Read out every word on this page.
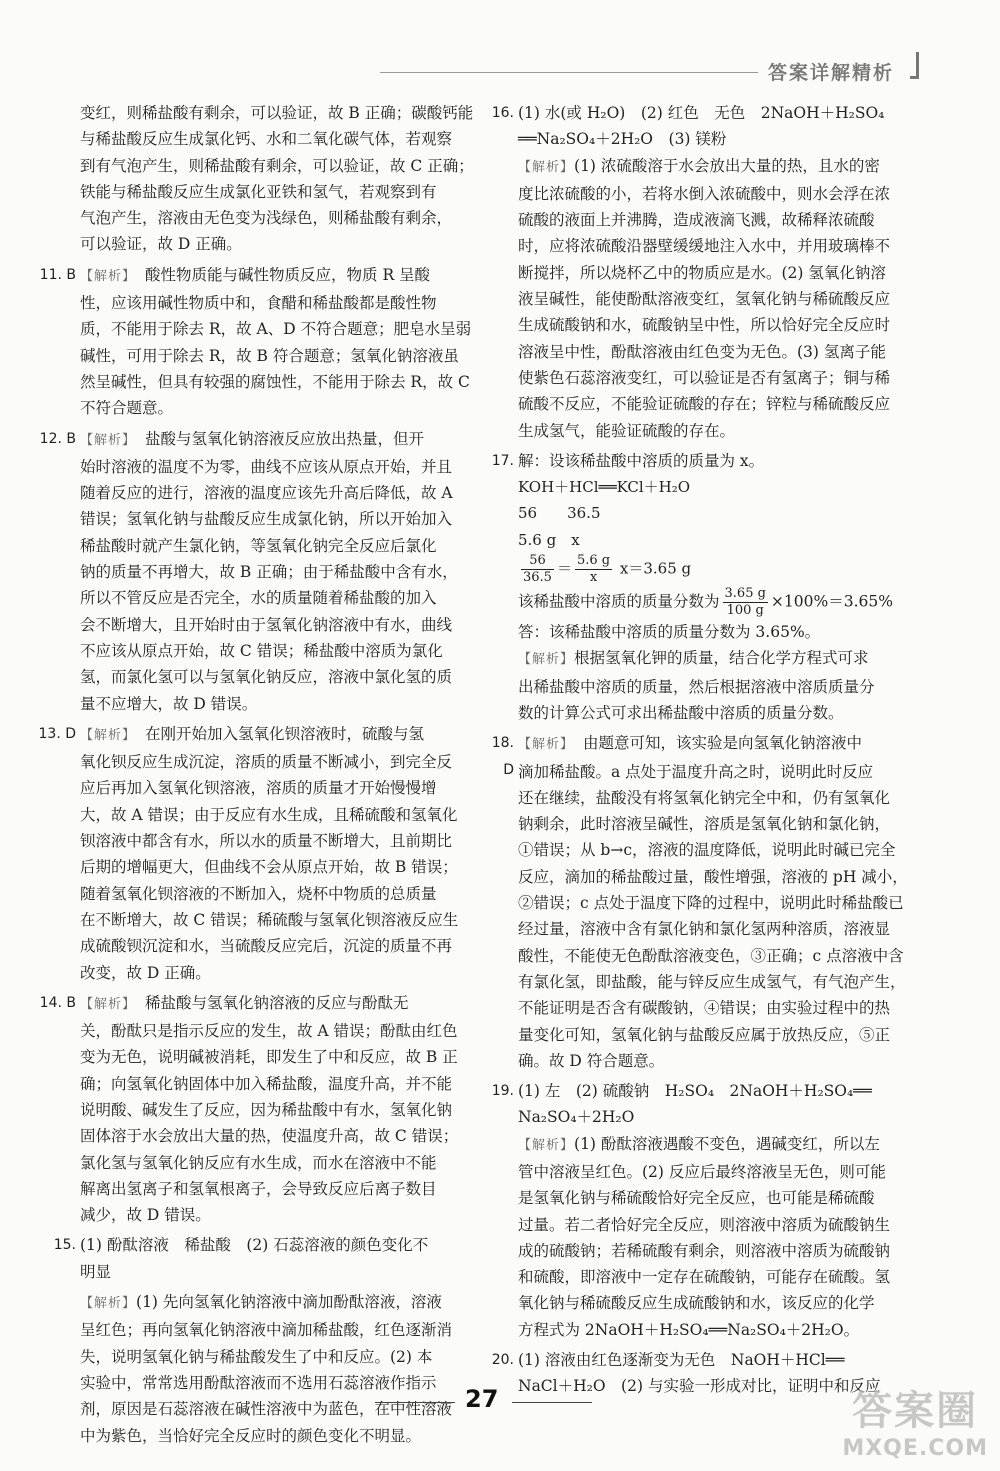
答案详解精析
变红，则稀盐酸有剩余，可以验证，故 B 正确；碳酸钙能
与稀盐酸反应生成氯化钙、水和二氧化碳气体，若观察
到有气泡产生，则稀盐酸有剩余，可以验证，故 C 正确；
铁能与稀盐酸反应生成氯化亚铁和氢气，若观察到有
气泡产生，溶液由无色变为浅绿色，则稀盐酸有剩余，
可以验证，故 D 正确。
11. B 【解析】　酸性物质能与碱性物质反应，物质 R 呈酸
性，应该用碱性物质中和，食醋和稀盐酸都是酸性物
质，不能用于除去 R，故 A、D 不符合题意；肥皂水呈弱
碱性，可用于除去 R，故 B 符合题意；氢氧化钠溶液虽
然呈碱性，但具有较强的腐蚀性，不能用于除去 R，故 C
不符合题意。
12. B 【解析】　盐酸与氢氧化钠溶液反应放出热量，但开
始时溶液的温度不为零，曲线不应该从原点开始，并且
随着反应的进行，溶液的温度应该先升高后降低，故 A
错误；氢氧化钠与盐酸反应生成氯化钠，所以开始加入
稀盐酸时就产生氯化钠，等氢氧化钠完全反应后氯化
钠的质量不再增大，故 B 正确；由于稀盐酸中含有水，
所以不管反应是否完全，水的质量随着稀盐酸的加入
会不断增大，且开始时由于氢氧化钠溶液中有水，曲线
不应该从原点开始，故 C 错误；稀盐酸中溶质为氯化
氢，而氯化氢可以与氢氧化钠反应，溶液中氯化氢的质
量不应增大，故 D 错误。
13. D 【解析】　在刚开始加入氢氧化钡溶液时，硫酸与氢
氧化钡反应生成沉淀，溶质的质量不断减小，到完全反
应后再加入氢氧化钡溶液，溶质的质量才开始慢慢增
大，故 A 错误；由于反应有水生成，且稀硫酸和氢氧化
钡溶液中都含有水，所以水的质量不断增大，且前期比
后期的增幅更大，但曲线不会从原点开始，故 B 错误；
随着氢氧化钡溶液的不断加入，烧杯中物质的总质量
在不断增大，故 C 错误；稀硫酸与氢氧化钡溶液反应生
成硫酸钡沉淀和水，当硫酸反应完后，沉淀的质量不再
改变，故 D 正确。
14. B 【解析】　稀盐酸与氢氧化钠溶液的反应与酚酞无
关，酚酞只是指示反应的发生，故 A 错误；酚酞由红色
变为无色，说明碱被消耗，即发生了中和反应，故 B 正
确；向氢氧化钠固体中加入稀盐酸，温度升高，并不能
说明酸、碱发生了反应，因为稀盐酸中有水，氢氧化钠
固体溶于水会放出大量的热，使温度升高，故 C 错误；
氯化氢与氢氧化钠反应有水生成，而水在溶液中不能
解离出氢离子和氢氧根离子，会导致反应后离子数目
减少，故 D 错误。
15. (1) 酚酞溶液　稀盐酸　(2) 石蕊溶液的颜色变化不
明显
【解析】(1) 先向氢氧化钠溶液中滴加酚酞溶液，溶液
呈红色；再向氢氧化钠溶液中滴加稀盐酸，红色逐渐消
失，说明氢氧化钠与稀盐酸发生了中和反应。(2) 本
实验中，常常选用酚酞溶液而不选用石蕊溶液作指示
剂，原因是石蕊溶液在碱性溶液中为蓝色，在中性溶液
中为紫色，当恰好完全反应时的颜色变化不明显。
16. (1) 水(或 H₂O)　(2) 红色　无色　2NaOH＋H₂SO₄
══Na₂SO₄＋2H₂O　(3) 镁粉
【解析】(1) 浓硫酸溶于水会放出大量的热，且水的密
度比浓硫酸的小，若将水倒入浓硫酸中，则水会浮在浓
硫酸的液面上并沸腾，造成液滴飞溅，故稀释浓硫酸
时，应将浓硫酸沿器壁缓缓地注入水中，并用玻璃棒不
断搅拌，所以烧杯乙中的物质应是水。(2) 氢氧化钠溶
液呈碱性，能使酚酞溶液变红，氢氧化钠与稀硫酸反应
生成硫酸钠和水，硫酸钠呈中性，所以恰好完全反应时
溶液呈中性，酚酞溶液由红色变为无色。(3) 氢离子能
使紫色石蕊溶液变红，可以验证是否有氢离子；铜与稀
硫酸不反应，不能验证硫酸的存在；锌粒与稀硫酸反应
生成氢气，能验证硫酸的存在。
17. 解：设该稀盐酸中溶质的质量为 x。
KOH＋HCl══KCl＋H₂O
56　　36.5
5.6 g　x
$\frac{56}{36.5} = \frac{5.6 g}{x} x=3.65$ g
该稀盐酸中溶质的质量分数为 $\frac{3.65 g}{100 g} \times 100\%=3.65\%$
答：该稀盐酸中溶质的质量分数为 3.65%。
【解析】根据氢氧化钾的质量，结合化学方程式可求
出稀盐酸中溶质的质量，然后根据溶液中溶质质量分
数的计算公式可求出稀盐酸中溶质的质量分数。
18. D
【解析】　由题意可知，该实验是向氢氧化钠溶液中
滴加稀盐酸。a 点处于温度升高之时，说明此时反应
还在继续，盐酸没有将氢氧化钠完全中和，仍有氢氧化
钠剩余，此时溶液呈碱性，溶质是氢氧化钠和氯化钠，
①错误；从 b→c，溶液的温度降低，说明此时碱已完全
反应，滴加的稀盐酸过量，酸性增强，溶液的 pH 减小，
②错误；c 点处于温度下降的过程中，说明此时稀盐酸已
经过量，溶液中含有氯化钠和氯化氢两种溶质，溶液显
酸性，不能使无色酚酞溶液变色，③正确；c 点溶液中含
有氯化氢，即盐酸，能与锌反应生成氢气，有气泡产生，
不能证明是否含有碳酸钠，④错误；由实验过程中的热
量变化可知，氢氧化钠与盐酸反应属于放热反应，⑤正
确。故 D 符合题意。
19. (1) 左　(2) 硫酸钠　H₂SO₄　2NaOH＋H₂SO₄══
Na₂SO₄＋2H₂O
【解析】(1) 酚酞溶液遇酸不变色，遇碱变红，所以左
管中溶液呈红色。(2) 反应后最终溶液呈无色，则可能
是氢氧化钠与稀硫酸恰好完全反应，也可能是稀硫酸
过量。若二者恰好完全反应，则溶液中溶质为硫酸钠生
成的硫酸钠；若稀硫酸有剩余，则溶液中溶质为硫酸钠
和硫酸，即溶液中一定存在硫酸钠，可能存在硫酸。氢
氧化钠与稀硫酸反应生成硫酸钠和水，该反应的化学
方程式为 2NaOH＋H₂SO₄══Na₂SO₄＋2H₂O。
20. (1) 溶液由红色逐渐变为无色　NaOH＋HCl══
NaCl＋H₂O　(2) 与实验一形成对比，证明中和反应
27	答案圈
MXQE.COM
